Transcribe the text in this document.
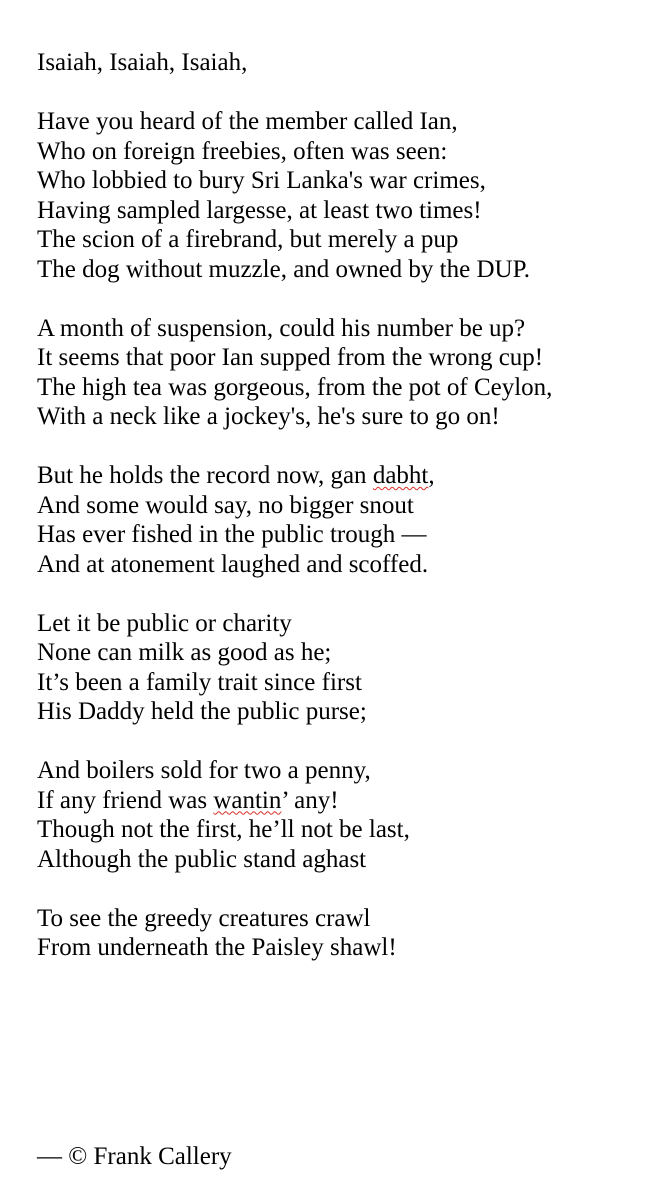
Isaiah, Isaiah, Isaiah,
Have you heard of the member called Ian,
Who on foreign freebies, often was seen:
Who lobbied to bury Sri Lanka's war crimes,
Having sampled largesse, at least two times!
The scion of a firebrand, but merely a pup
The dog without muzzle, and owned by the DUP.
A month of suspension, could his number be up?
It seems that poor Ian supped from the wrong cup!
The high tea was gorgeous, from the pot of Ceylon,
With a neck like a jockey's, he's sure to go on!
But he holds the record now, gan dabht,
And some would say, no bigger snout
Has ever fished in the public trough —
And at atonement laughed and scoffed.
Let it be public or charity
None can milk as good as he;
It’s been a family trait since first
His Daddy held the public purse;
And boilers sold for two a penny,
If any friend was wantin’ any!
Though not the first, he’ll not be last,
Although the public stand aghast
To see the greedy creatures crawl
From underneath the Paisley shawl!
— © Frank Callery
